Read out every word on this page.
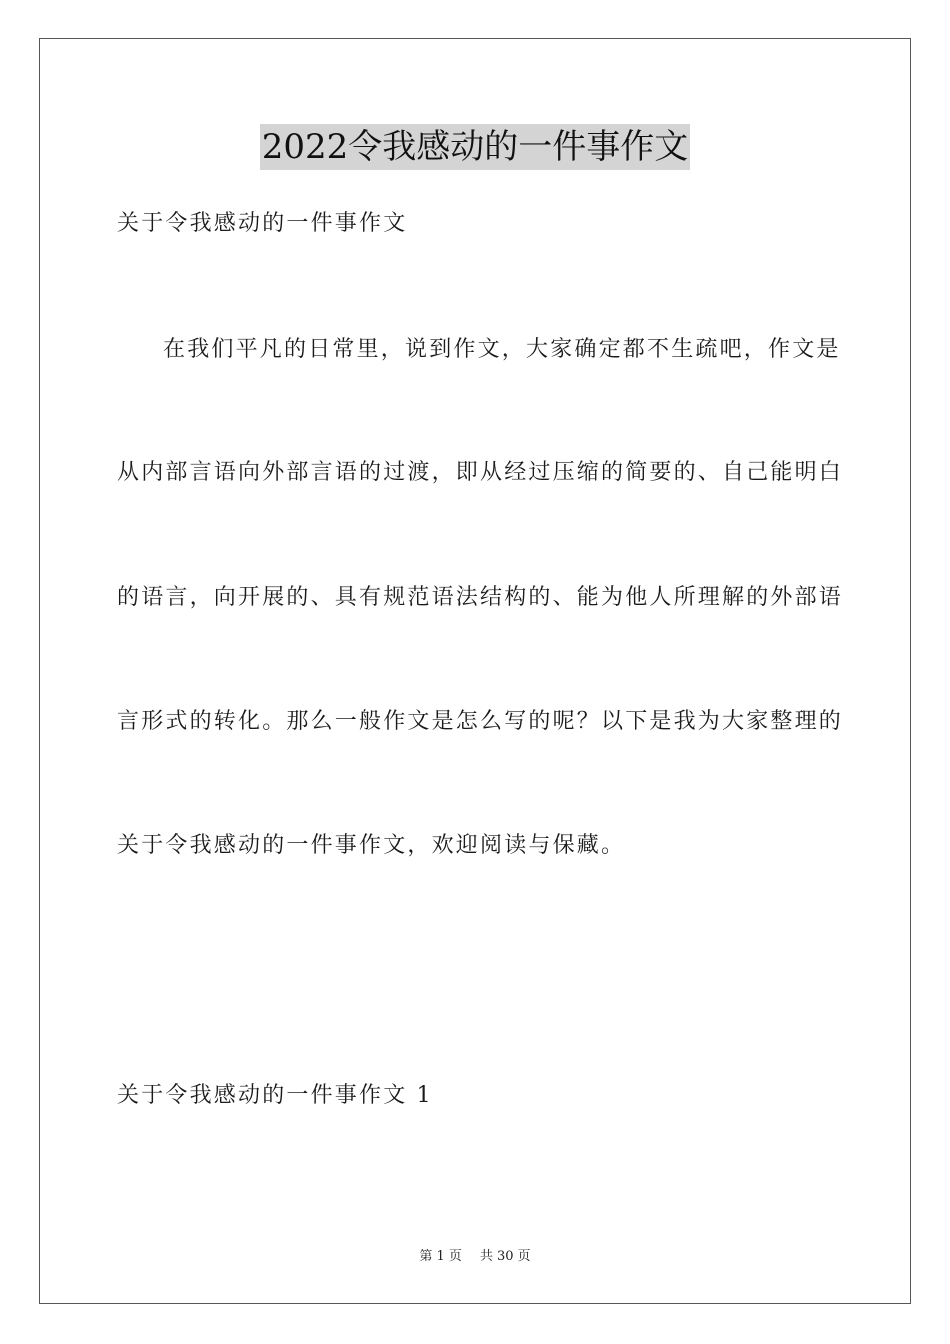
2022令我感动的一件事作文
关于令我感动的一件事作文
在我们平凡的日常里，说到作文，大家确定都不生疏吧，作文是
从内部言语向外部言语的过渡，即从经过压缩的简要的、自己能明白
的语言，向开展的、具有规范语法结构的、能为他人所理解的外部语
言形式的转化。那么一般作文是怎么写的呢？以下是我为大家整理的
关于令我感动的一件事作文，欢迎阅读与保藏。
关于令我感动的一件事作文 1
第 1 页 共 30 页
